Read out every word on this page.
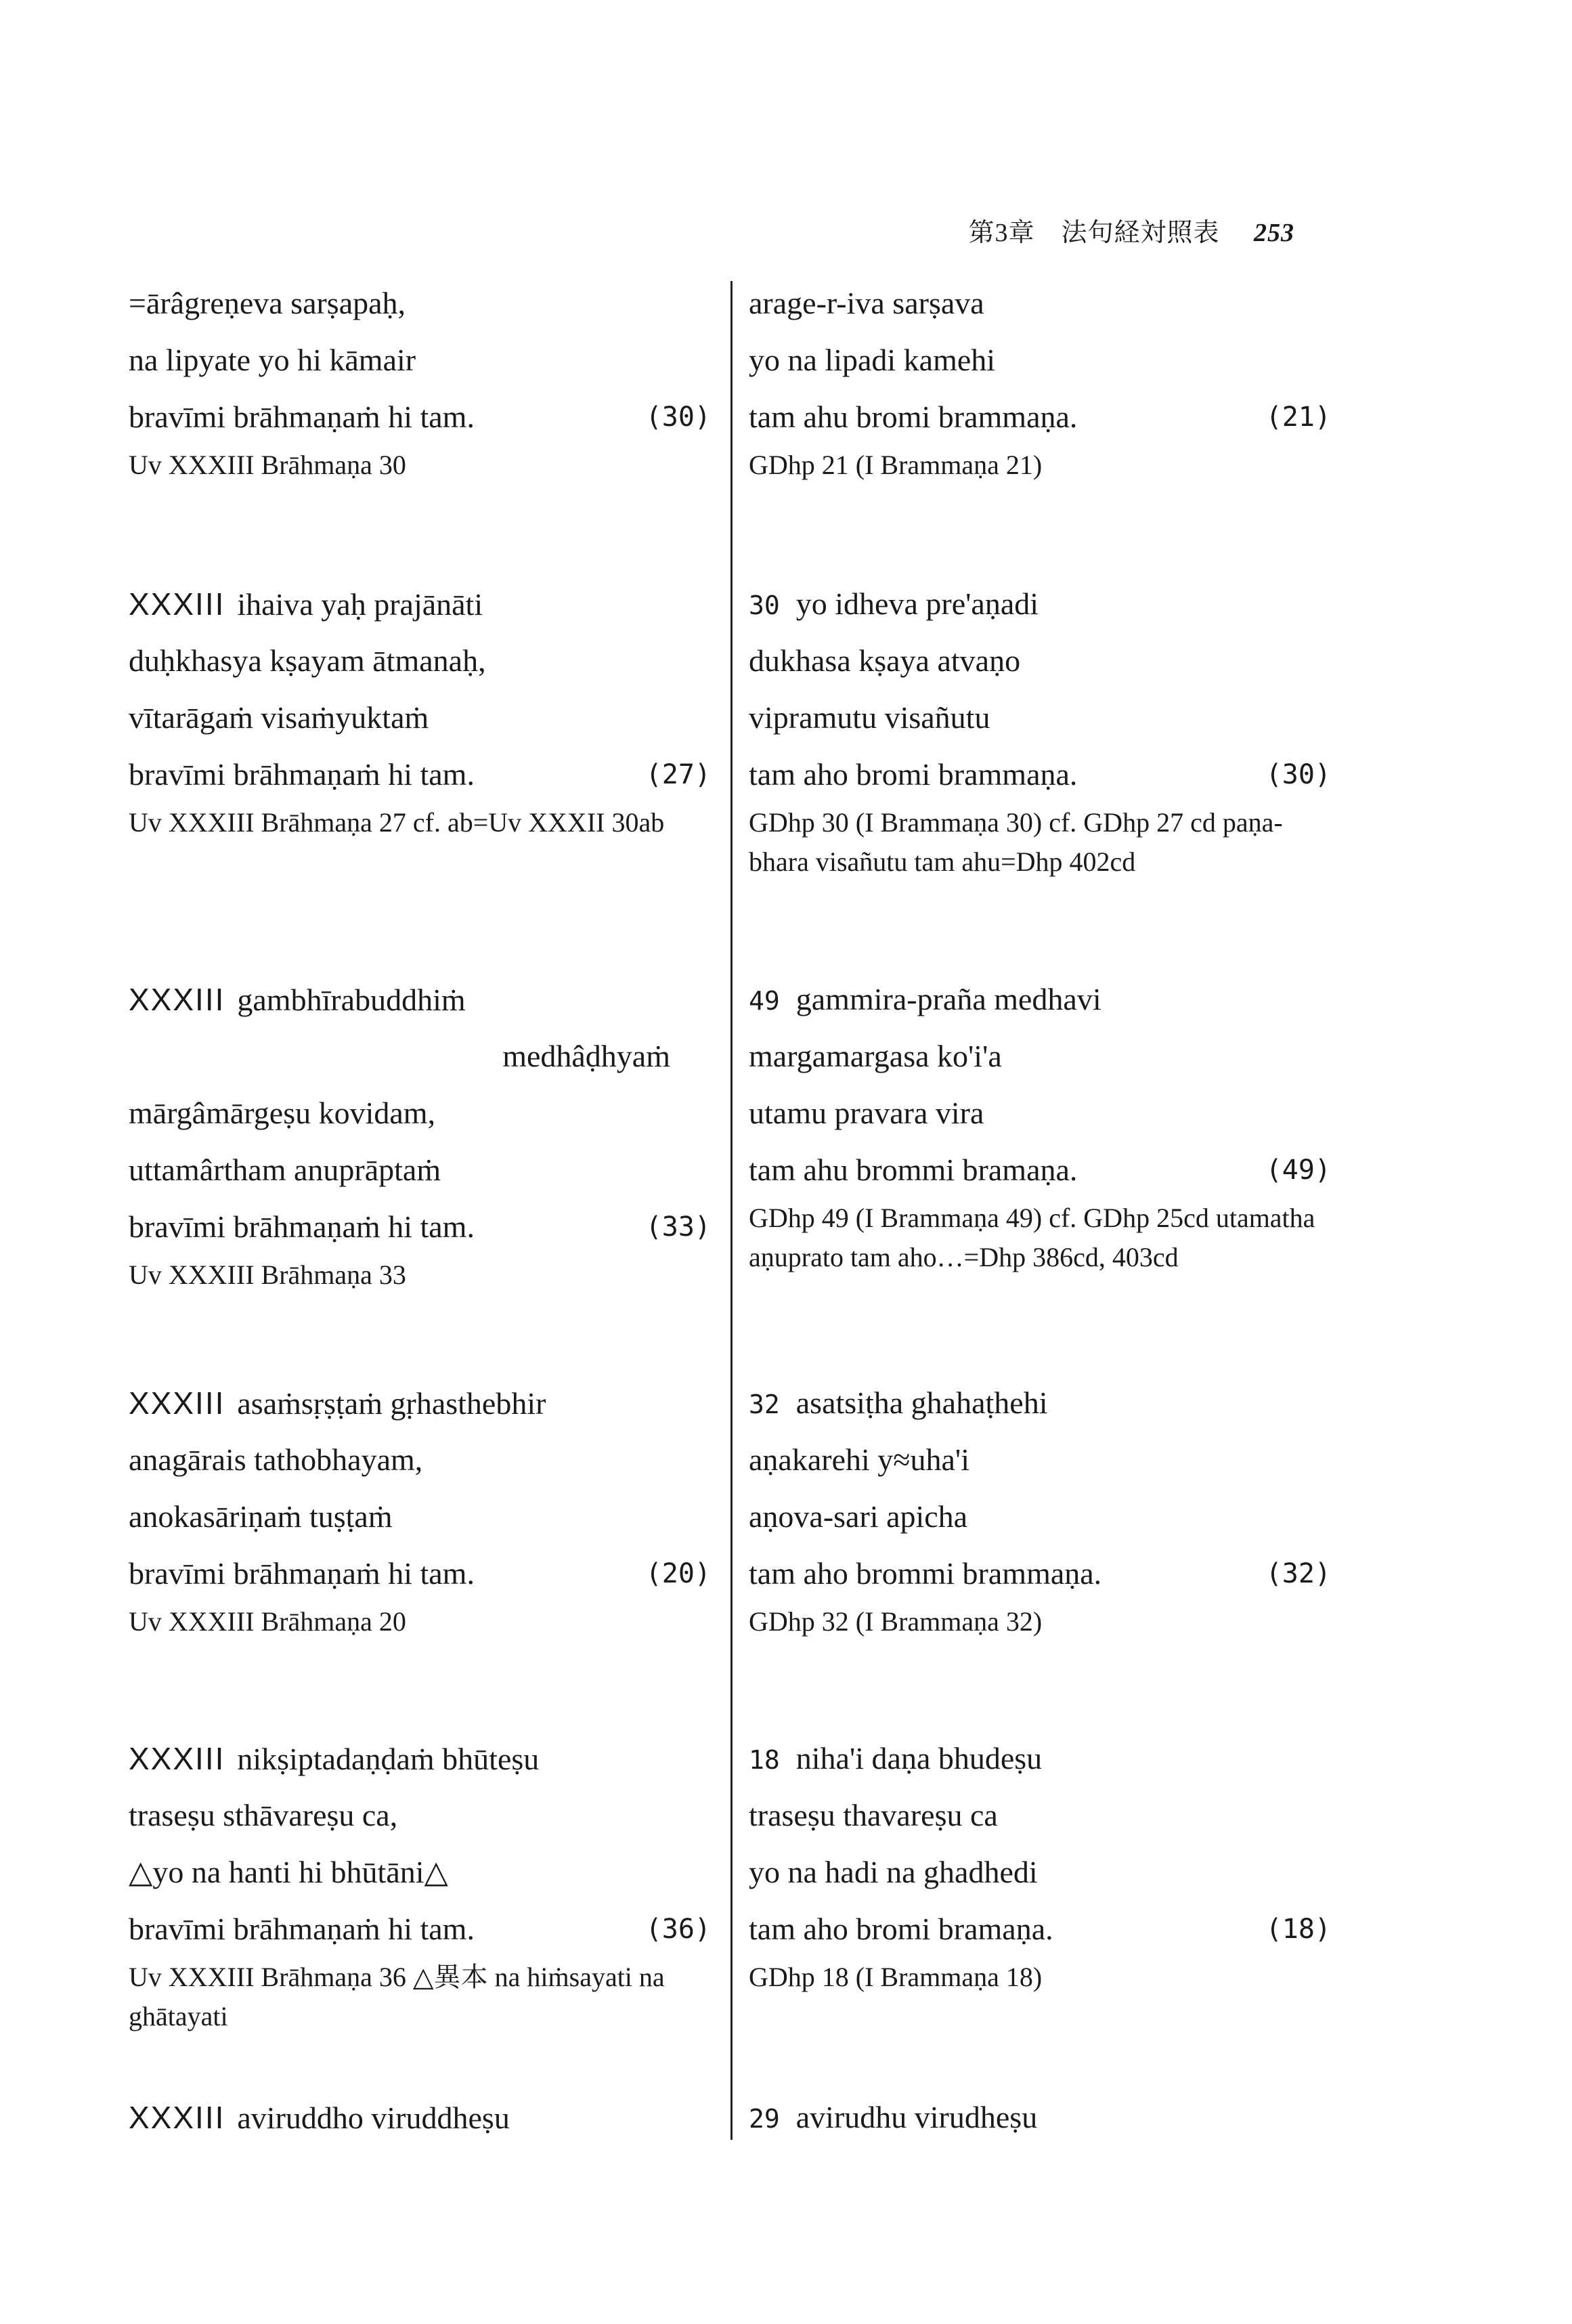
第3章　法句経対照表 253
=ārâgreṇeva sarṣapaḥ,
na lipyate yo hi kāmair
bravīmi brāhmaṇaṁ hi tam.	(30)
Uv XXXIII Brāhmaṇa 30
XXXIII ihaiva yaḥ prajānāti
duḥkhasya kṣayam ātmanaḥ,
vītarāgaṁ visaṁyuktaṁ
bravīmi brāhmaṇaṁ hi tam.	(27)
Uv XXXIII Brāhmaṇa 27 cf. ab=Uv XXXII 30ab
XXXIII gambhīrabuddhiṁ
medhâḍhyaṁ
mārgâmārgeṣu kovidam,
uttamârtham anuprāptaṁ
bravīmi brāhmaṇaṁ hi tam.	(33)
Uv XXXIII Brāhmaṇa 33
XXXIII asaṁsṛṣṭaṁ gṛhasthebhir
anagārais tathobhayam,
anokasāriṇaṁ tuṣṭaṁ
bravīmi brāhmaṇaṁ hi tam.	(20)
Uv XXXIII Brāhmaṇa 20
XXXIII nikṣiptadaṇḍaṁ bhūteṣu
traseṣu sthāvareṣu ca,
△yo na hanti hi bhūtāni△
bravīmi brāhmaṇaṁ hi tam.	(36)
Uv XXXIII Brāhmaṇa 36 △異本 na hiṁsayati na ghātayati
XXXIII aviruddho viruddheṣu
arage-r-iva sarṣava
yo na lipadi kamehi
tam ahu bromi brammaṇa.	(21)
GDhp 21 (I Brammaṇa 21)
30 yo idheva pre'aṇadi
dukhasa kṣaya atvaṇo
vipramutu visañutu
tam aho bromi brammaṇa.	(30)
GDhp 30 (I Brammaṇa 30) cf. GDhp 27 cd paṇa-bhara visañutu tam ahu=Dhp 402cd
49 gammira-praña medhavi
margamargasa ko'i'a
utamu pravara vira
tam ahu brommi bramaṇa.	(49)
GDhp 49 (I Brammaṇa 49) cf. GDhp 25cd utamatha aṇuprato tam aho…=Dhp 386cd, 403cd
32 asatsiṭha ghahaṭhehi
aṇakarehi y≈uha'i
aṇova-sari apicha
tam aho brommi brammaṇa.	(32)
GDhp 32 (I Brammaṇa 32)
18 niha'i daṇa bhudeṣu
traseṣu thavareṣu ca
yo na hadi na ghadhedi
tam aho bromi bramaṇa.	(18)
GDhp 18 (I Brammaṇa 18)
29 avirudhu virudheṣu
